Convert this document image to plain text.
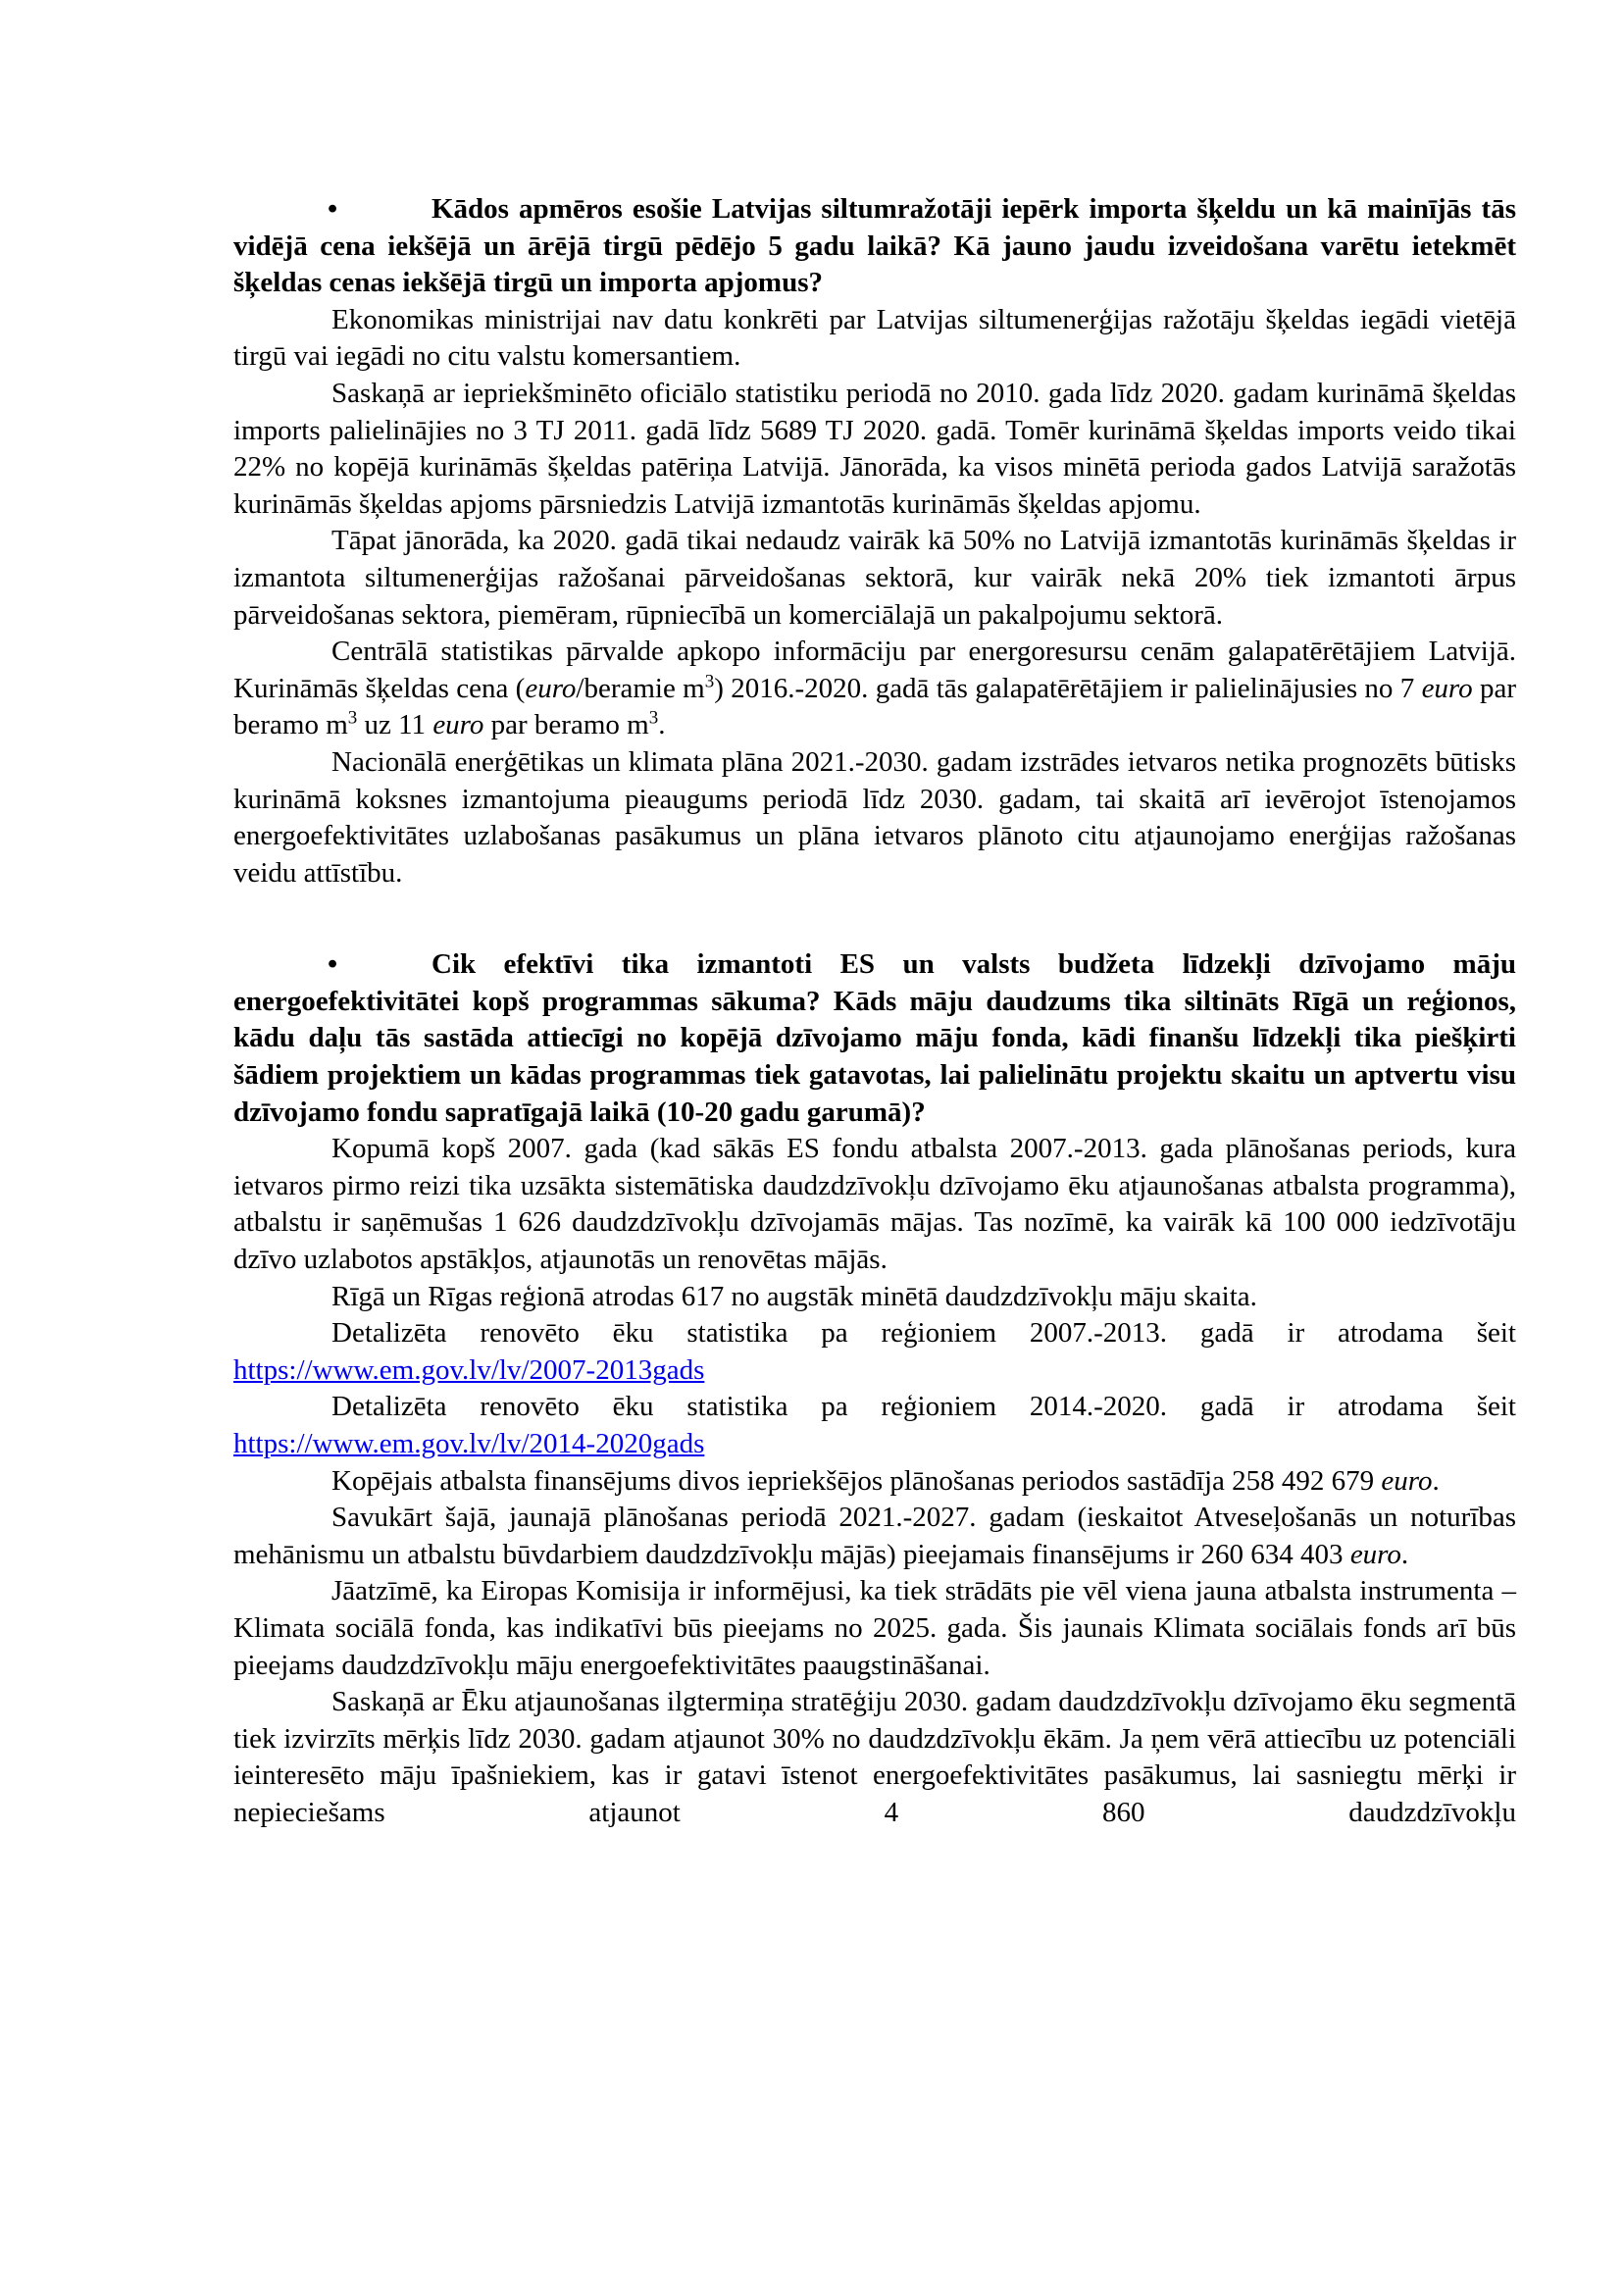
•	Kādos apmēros esošie Latvijas siltumražotāji iepērk importa šķeldu un kā mainījās tās vidējā cena iekšējā un ārējā tirgū pēdējo 5 gadu laikā? Kā jauno jaudu izveidošana varētu ietekmēt šķeldas cenas iekšējā tirgū un importa apjomus?

Ekonomikas ministrijai nav datu konkrēti par Latvijas siltumenerģijas ražotāju šķeldas iegādi vietējā tirgū vai iegādi no citu valstu komersantiem.

Saskaņā ar iepriekšminēto oficiālo statistiku periodā no 2010. gada līdz 2020. gadam kurināmā šķeldas imports palielinājies no 3 TJ 2011. gadā līdz 5689 TJ 2020. gadā. Tomēr kurināmā šķeldas imports veido tikai 22% no kopējā kurināmās šķeldas patēriņa Latvijā. Jānorāda, ka visos minētā perioda gados Latvijā saražotās kurināmās šķeldas apjoms pārsniedzis Latvijā izmantotās kurināmās šķeldas apjomu.

Tāpat jānorāda, ka 2020. gadā tikai nedaudz vairāk kā 50% no Latvijā izmantotās kurināmās šķeldas ir izmantota siltumenerģijas ražošanai pārveidošanas sektorā, kur vairāk nekā 20% tiek izmantoti ārpus pārveidošanas sektora, piemēram, rūpniecībā un komerciālajā un pakalpojumu sektorā.

Centrālā statistikas pārvalde apkopo informāciju par energoresursu cenām galapatērētājiem Latvijā. Kurināmās šķeldas cena (euro/beramie $m^3$) 2016.-2020. gadā tās galapatērētājiem ir palielinājusies no 7 euro par beramo $m^3$ uz 11 euro par beramo $m^3$.

Nacionālā enerģētikas un klimata plāna 2021.-2030. gadam izstrādes ietvaros netika prognozēts būtisks kurināmā koksnes izmantojuma pieaugums periodā līdz 2030. gadam, tai skaitā arī ievērojot īstenojamos energoefektivitātes uzlabošanas pasākumus un plāna ietvaros plānoto citu atjaunojamo enerģijas ražošanas veidu attīstību.

•	Cik efektīvi tika izmantoti ES un valsts budžeta līdzekļi dzīvojamo māju energoefektivitātei kopš programmas sākuma? Kāds māju daudzums tika siltināts Rīgā un reģionos, kādu daļu tās sastāda attiecīgi no kopējā dzīvojamo māju fonda, kādi finanšu līdzekļi tika piešķirti šādiem projektiem un kādas programmas tiek gatavotas, lai palielinātu projektu skaitu un aptvertu visu dzīvojamo fondu sapratīgajā laikā (10-20 gadu garumā)?

Kopumā kopš 2007. gada (kad sākās ES fondu atbalsta 2007.-2013. gada plānošanas periods, kura ietvaros pirmo reizi tika uzsākta sistemātiska daudzdzīvokļu dzīvojamo ēku atjaunošanas atbalsta programma), atbalstu ir saņēmušas 1 626 daudzdzīvokļu dzīvojamās mājas. Tas nozīmē, ka vairāk kā 100 000 iedzīvotāju dzīvo uzlabotos apstākļos, atjaunotās un renovētas mājās.

Rīgā un Rīgas reģionā atrodas 617 no augstāk minētā daudzdzīvokļu māju skaita.

Detalizēta renovēto ēku statistika pa reģioniem 2007.-2013. gadā ir atrodama šeit

https://www.em.gov.lv/lv/2007-2013gads

Detalizēta renovēto ēku statistika pa reģioniem 2014.-2020. gadā ir atrodama šeit

https://www.em.gov.lv/lv/2014-2020gads

Kopējais atbalsta finansējums divos iepriekšējos plānošanas periodos sastādīja 258 492 679 euro.

Savukārt šajā, jaunajā plānošanas periodā 2021.-2027. gadam (ieskaitot Atveseļošanās un noturības mehānismu un atbalstu būvdarbiem daudzdzīvokļu mājās) pieejamais finansējums ir 260 634 403 euro.

Jāatzīmē, ka Eiropas Komisija ir informējusi, ka tiek strādāts pie vēl viena jauna atbalsta instrumenta – Klimata sociālā fonda, kas indikatīvi būs pieejams no 2025. gada. Šis jaunais Klimata sociālais fonds arī būs pieejams daudzdzīvokļu māju energoefektivitātes paaugstināšanai.

Saskaņā ar Ēku atjaunošanas ilgtermiņa stratēģiju 2030. gadam daudzdzīvokļu dzīvojamo ēku segmentā tiek izvirzīts mērķis līdz 2030. gadam atjaunot 30% no daudzdzīvokļu ēkām. Ja ņem vērā attiecību uz potenciāli ieinteresēto māju īpašniekiem, kas ir gatavi īstenot energoefektivitātes pasākumus, lai sasniegtu mērķi ir nepieciešams atjaunot 4 860 daudzdzīvokļu
